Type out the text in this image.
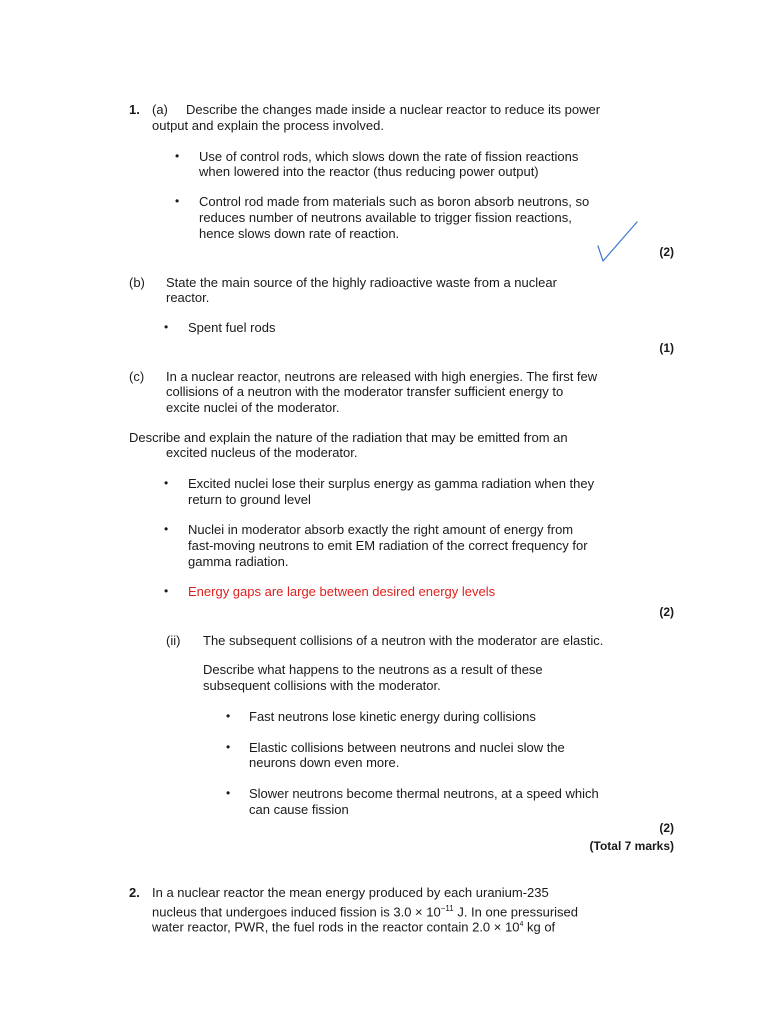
1. (a) Describe the changes made inside a nuclear reactor to reduce its power
output and explain the process involved.
• Use of control rods, which slows down the rate of fission reactions
when lowered into the reactor (thus reducing power output)
• Control rod made from materials such as boron absorb neutrons, so
reduces number of neutrons available to trigger fission reactions,
hence slows down rate of reaction.
(2)
(b) State the main source of the highly radioactive waste from a nuclear
reactor.
• Spent fuel rods
(1)
(c) In a nuclear reactor, neutrons are released with high energies. The first few
collisions of a neutron with the moderator transfer sufficient energy to
excite nuclei of the moderator.
Describe and explain the nature of the radiation that may be emitted from an
excited nucleus of the moderator.
• Excited nuclei lose their surplus energy as gamma radiation when they
return to ground level
• Nuclei in moderator absorb exactly the right amount of energy from
fast-moving neutrons to emit EM radiation of the correct frequency for
gamma radiation.
• Energy gaps are large between desired energy levels
(2)
(ii) The subsequent collisions of a neutron with the moderator are elastic.
Describe what happens to the neutrons as a result of these
subsequent collisions with the moderator.
• Fast neutrons lose kinetic energy during collisions
• Elastic collisions between neutrons and nuclei slow the
neurons down even more.
• Slower neutrons become thermal neutrons, at a speed which
can cause fission
(2)
(Total 7 marks)
2. In a nuclear reactor the mean energy produced by each uranium-235
nucleus that undergoes induced fission is $3.0 \times 10^{-11}$ J. In one pressurised
water reactor, PWR, the fuel rods in the reactor contain $2.0 \times 10^4$ kg of
